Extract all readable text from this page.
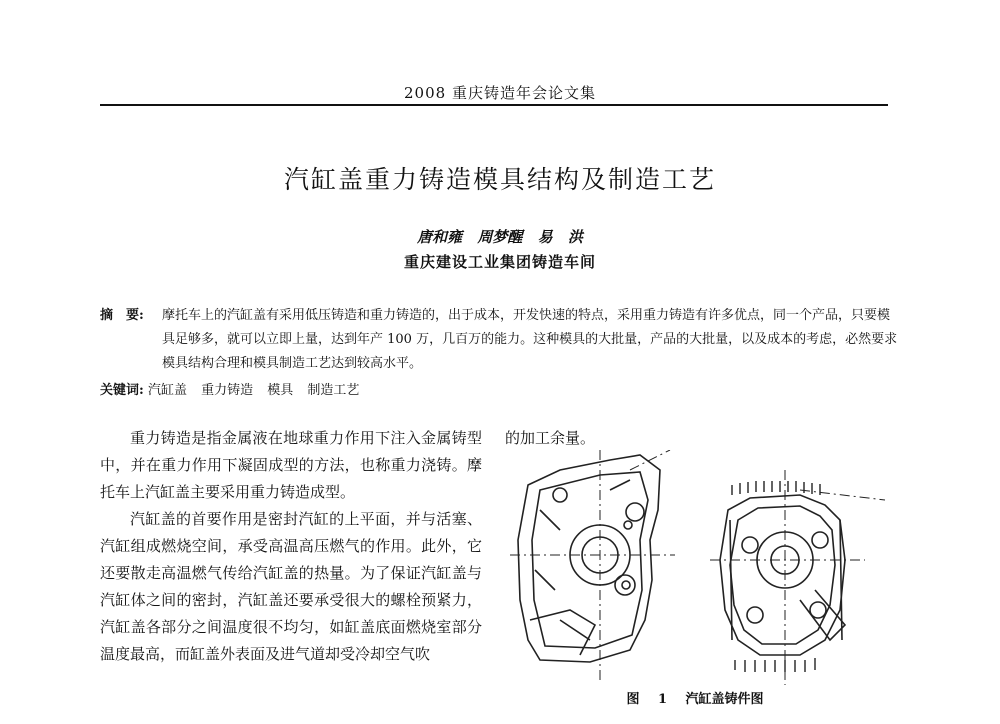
2008 重庆铸造年会论文集
汽缸盖重力铸造模具结构及制造工艺
唐和雍 周梦醒 易 洪
重庆建设工业集团铸造车间
摘　要:	摩托车上的汽缸盖有采用低压铸造和重力铸造的，出于成本，开发快速的特点，采用重力铸造有许多优点，同一个产品，只要模具足够多，就可以立即上量，达到年产 100 万，几百万的能力。这种模具的大批量，产品的大批量，以及成本的考虑，必然要求模具结构合理和模具制造工艺达到较高水平。
关键词: 汽缸盖 重力铸造 模具 制造工艺

重力铸造是指金属液在地球重力作用下注入金属铸型中，并在重力作用下凝固成型的方法，也称重力浇铸。摩托车上汽缸盖主要采用重力铸造成型。

汽缸盖的首要作用是密封汽缸的上平面，并与活塞、汽缸组成燃烧空间，承受高温高压燃气的作用。此外，它还要散走高温燃气传给汽缸盖的热量。为了保证汽缸盖与汽缸体之间的密封，汽缸盖还要承受很大的螺栓预紧力，汽缸盖各部分之间温度很不均匀，如缸盖底面燃烧室部分温度最高，而缸盖外表面及进气道却受冷却空气吹

的加工余量。
图 1 汽缸盖铸件图
